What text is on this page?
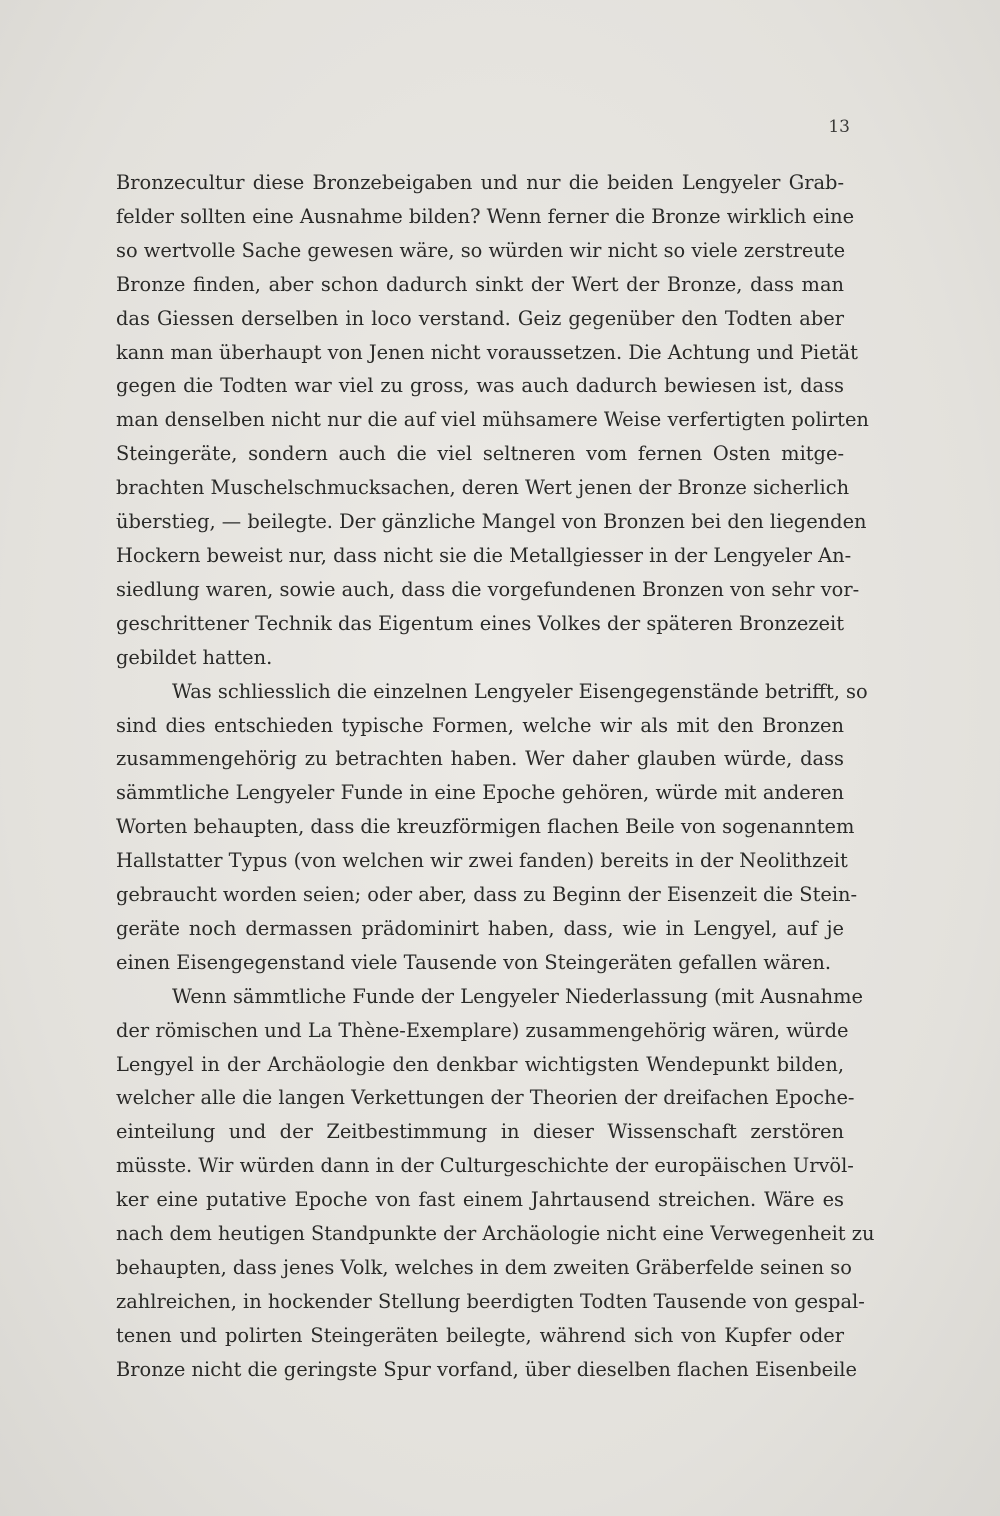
13
Bronzecultur diese Bronzebeigaben und nur die beiden Lengyeler Grab-
felder sollten eine Ausnahme bilden? Wenn ferner die Bronze wirklich eine
so wertvolle Sache gewesen wäre, so würden wir nicht so viele zerstreute
Bronze finden, aber schon dadurch sinkt der Wert der Bronze, dass man
das Giessen derselben in loco verstand. Geiz gegenüber den Todten aber
kann man überhaupt von Jenen nicht voraussetzen. Die Achtung und Pietät
gegen die Todten war viel zu gross, was auch dadurch bewiesen ist, dass
man denselben nicht nur die auf viel mühsamere Weise verfertigten polirten
Steingeräte, sondern auch die viel seltneren vom fernen Osten mitge-
brachten Muschelschmucksachen, deren Wert jenen der Bronze sicherlich
überstieg, — beilegte. Der gänzliche Mangel von Bronzen bei den liegenden
Hockern beweist nur, dass nicht sie die Metallgiesser in der Lengyeler An-
siedlung waren, sowie auch, dass die vorgefundenen Bronzen von sehr vor-
geschrittener Technik das Eigentum eines Volkes der späteren Bronzezeit
gebildet hatten.
Was schliesslich die einzelnen Lengyeler Eisengegenstände betrifft, so
sind dies entschieden typische Formen, welche wir als mit den Bronzen
zusammengehörig zu betrachten haben. Wer daher glauben würde, dass
sämmtliche Lengyeler Funde in eine Epoche gehören, würde mit anderen
Worten behaupten, dass die kreuzförmigen flachen Beile von sogenanntem
Hallstatter Typus (von welchen wir zwei fanden) bereits in der Neolithzeit
gebraucht worden seien; oder aber, dass zu Beginn der Eisenzeit die Stein-
geräte noch dermassen prädominirt haben, dass, wie in Lengyel, auf je
einen Eisengegenstand viele Tausende von Steingeräten gefallen wären.
Wenn sämmtliche Funde der Lengyeler Niederlassung (mit Ausnahme
der römischen und La Thène-Exemplare) zusammengehörig wären, würde
Lengyel in der Archäologie den denkbar wichtigsten Wendepunkt bilden,
welcher alle die langen Verkettungen der Theorien der dreifachen Epoche-
einteilung und der Zeitbestimmung in dieser Wissenschaft zerstören
müsste. Wir würden dann in der Culturgeschichte der europäischen Urvöl-
ker eine putative Epoche von fast einem Jahrtausend streichen. Wäre es
nach dem heutigen Standpunkte der Archäologie nicht eine Verwegenheit zu
behaupten, dass jenes Volk, welches in dem zweiten Gräberfelde seinen so
zahlreichen, in hockender Stellung beerdigten Todten Tausende von gespal-
tenen und polirten Steingeräten beilegte, während sich von Kupfer oder
Bronze nicht die geringste Spur vorfand, über dieselben flachen Eisenbeile
